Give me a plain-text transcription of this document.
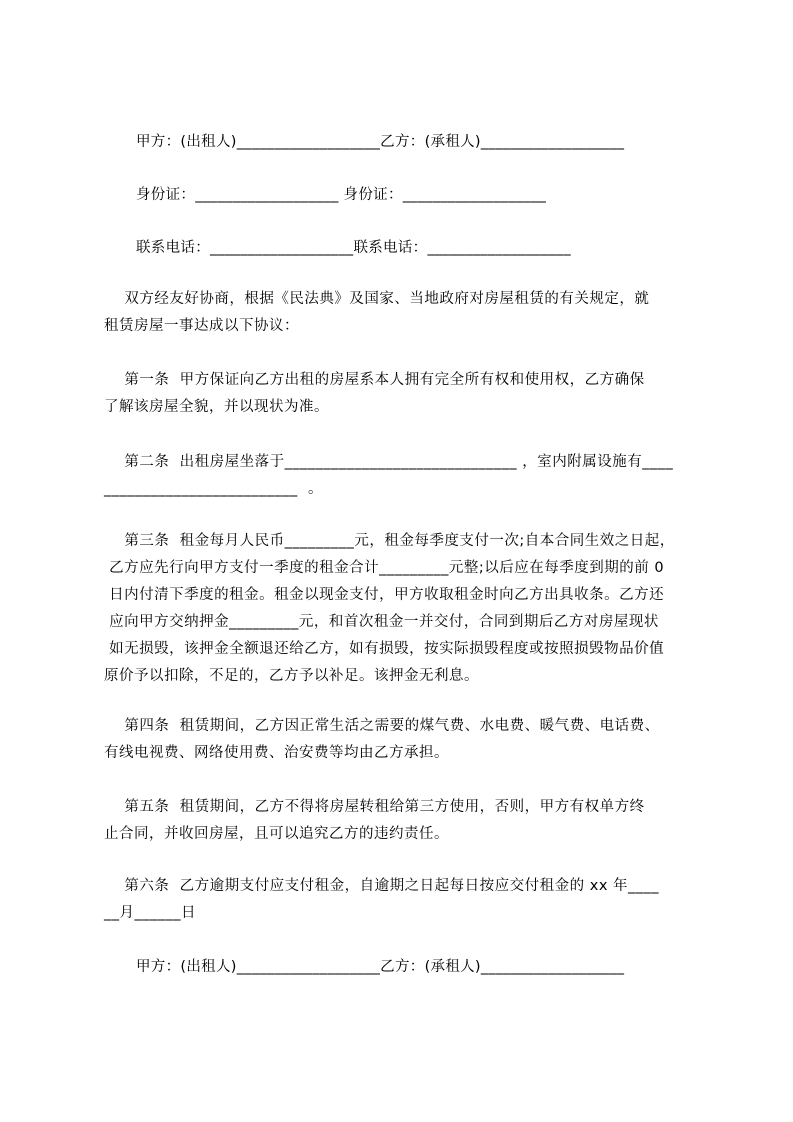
甲方：(出租人)___________________乙方：(承租人)___________________
身份证：___________________ 身份证：___________________
联系电话：___________________联系电话：___________________

双方经友好协商，根据《民法典》及国家、当地政府对房屋租赁的有关规定，就

租赁房屋一事达成以下协议：

第一条  甲方保证向乙方出租的房屋系本人拥有完全所有权和使用权，乙方确保

了解该房屋全貌，并以现状为准。

第二条  出租房屋坐落于______________________________ ，室内附属设施有____

_________________________  。

第三条  租金每月人民币_________元，租金每季度支付一次;自本合同生效之日起，

乙方应先行向甲方支付一季度的租金合计_________元整;以后应在每季度到期的前 0

日内付清下季度的租金。租金以现金支付，甲方收取租金时向乙方出具收条。乙方还

应向甲方交纳押金_________元，和首次租金一并交付，合同到期后乙方对房屋现状

如无损毁，该押金全额退还给乙方，如有损毁，按实际损毁程度或按照损毁物品价值

原价予以扣除，不足的，乙方予以补足。该押金无利息。

第四条  租赁期间，乙方因正常生活之需要的煤气费、水电费、暖气费、电话费、

有线电视费、网络使用费、治安费等均由乙方承担。

第五条  租赁期间，乙方不得将房屋转租给第三方使用，否则，甲方有权单方终

止合同，并收回房屋，且可以追究乙方的违约责任。

第六条  乙方逾期支付应支付租金，自逾期之日起每日按应交付租金的 xx 年____

__月______日

甲方：(出租人)___________________乙方：(承租人)___________________
